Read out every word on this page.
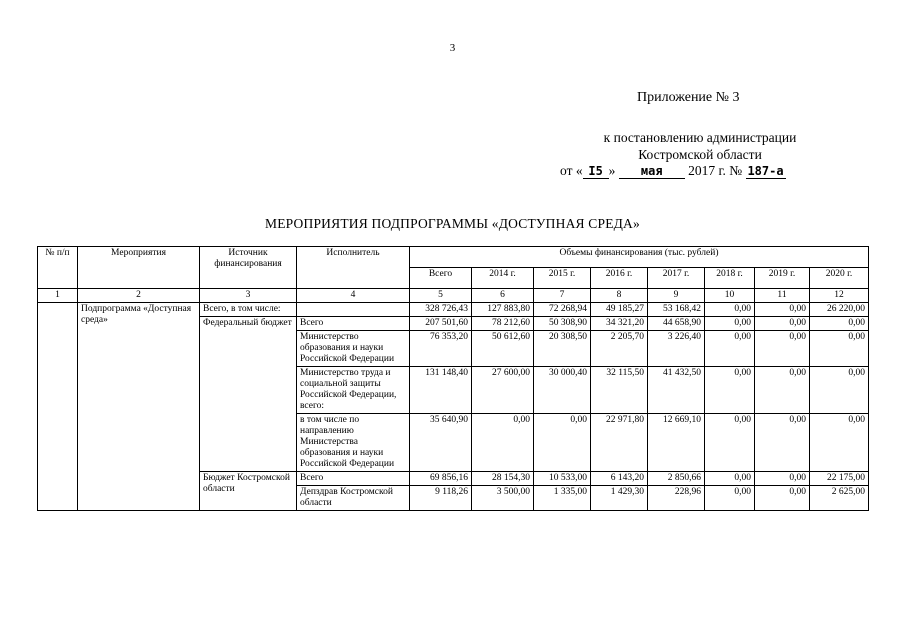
3
Приложение № 3
к постановлению администрации
Костромской области
от « I5 » мая 2017 г. № 187-а
МЕРОПРИЯТИЯ ПОДПРОГРАММЫ «ДОСТУПНАЯ СРЕДА»
№ п/п	Мероприятия	Источник финансирования	Исполнитель	Объемы финансирования (тыс. рублей)							
				Всего	2014 г.	2015 г.	2016 г.	2017 г.	2018 г.	2019 г.	2020 г.
1	2	3	4	5	6	7	8	9	10	11	12
	Подпрограмма «Доступная среда»	Всего, в том числе:		328 726,43	127 883,80	72 268,94	49 185,27	53 168,42	0,00	0,00	26 220,00
		Федеральный бюджет	Всего	207 501,60	78 212,60	50 308,90	34 321,20	44 658,90	0,00	0,00	0,00
			Министерство образования и науки Российской Федерации	76 353,20	50 612,60	20 308,50	2 205,70	3 226,40	0,00	0,00	0,00
			Министерство труда и социальной защиты Российской Федерации, всего:	131 148,40	27 600,00	30 000,40	32 115,50	41 432,50	0,00	0,00	0,00
			в том числе по направлению Министерства образования и науки Российской Федерации	35 640,90	0,00	0,00	22 971,80	12 669,10	0,00	0,00	0,00
		Бюджет Костромской области	Всего	69 856,16	28 154,30	10 533,00	6 143,20	2 850,66	0,00	0,00	22 175,00
			Депздрав Костромской области	9 118,26	3 500,00	1 335,00	1 429,30	228,96	0,00	0,00	2 625,00
